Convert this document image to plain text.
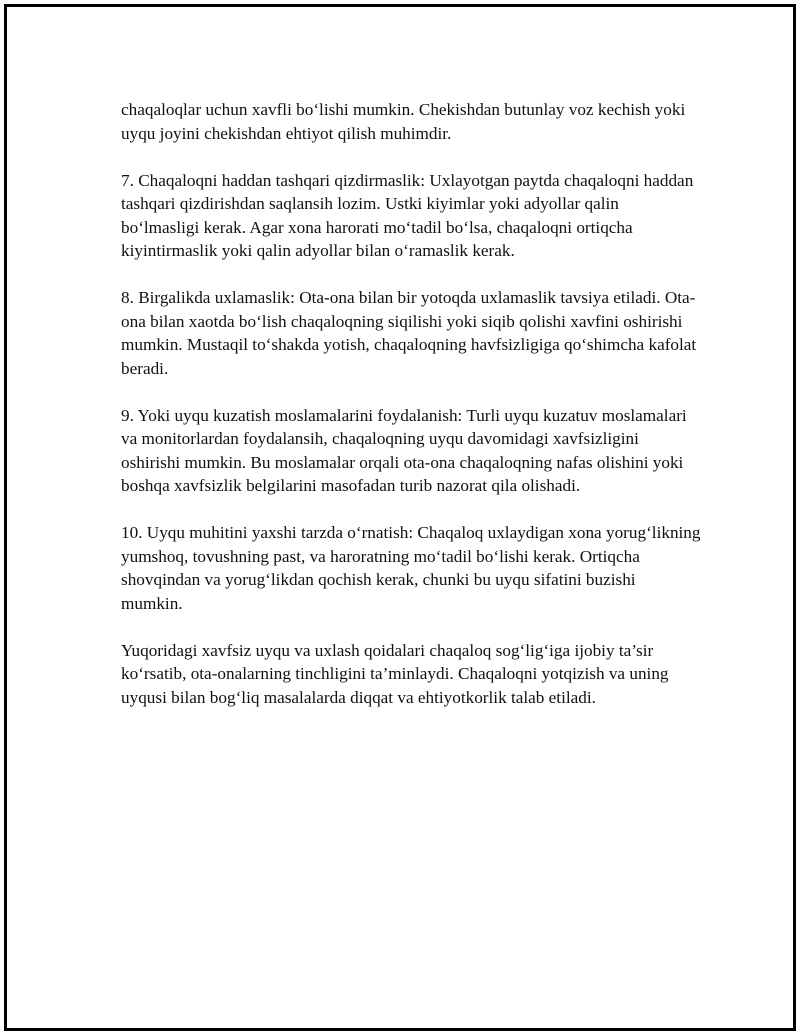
chaqaloqlar uchun xavfli bo‘lishi mumkin. Chekishdan butunlay voz kechish yoki uyqu joyini chekishdan ehtiyot qilish muhimdir.

7. Chaqaloqni haddan tashqari qizdirmaslik: Uxlayotgan paytda chaqaloqni haddan tashqari qizdirishdan saqlansih lozim. Ustki kiyimlar yoki adyollar qalin bo‘lmasligi kerak. Agar xona harorati mo‘tadil bo‘lsa, chaqaloqni ortiqcha kiyintirmaslik yoki qalin adyollar bilan o‘ramaslik kerak.

8. Birgalikda uxlamaslik: Ota-ona bilan bir yotoqda uxlamaslik tavsiya etiladi. Ota-ona bilan xaotda bo‘lish chaqaloqning siqilishi yoki siqib qolishi xavfini oshirishi mumkin. Mustaqil to‘shakda yotish, chaqaloqning havfsizligiga qo‘shimcha kafolat beradi.

9. Yoki uyqu kuzatish moslamalarini foydalanish: Turli uyqu kuzatuv moslamalari va monitorlardan foydalansih, chaqaloqning uyqu davomidagi xavfsizligini oshirishi mumkin. Bu moslamalar orqali ota-ona chaqaloqning nafas olishini yoki boshqa xavfsizlik belgilarini masofadan turib nazorat qila olishadi.

10. Uyqu muhitini yaxshi tarzda o‘rnatish: Chaqaloq uxlaydigan xona yorug‘likning yumshoq, tovushning past, va haroratning mo‘tadil bo‘lishi kerak. Ortiqcha shovqindan va yorug‘likdan qochish kerak, chunki bu uyqu sifatini buzishi mumkin.

Yuqoridagi xavfsiz uyqu va uxlash qoidalari chaqaloq sog‘lig‘iga ijobiy ta’sir ko‘rsatib, ota-onalarning tinchligini ta’minlaydi. Chaqaloqni yotqizish va uning uyqusi bilan bog‘liq masalalarda diqqat va ehtiyotkorlik talab etiladi.
